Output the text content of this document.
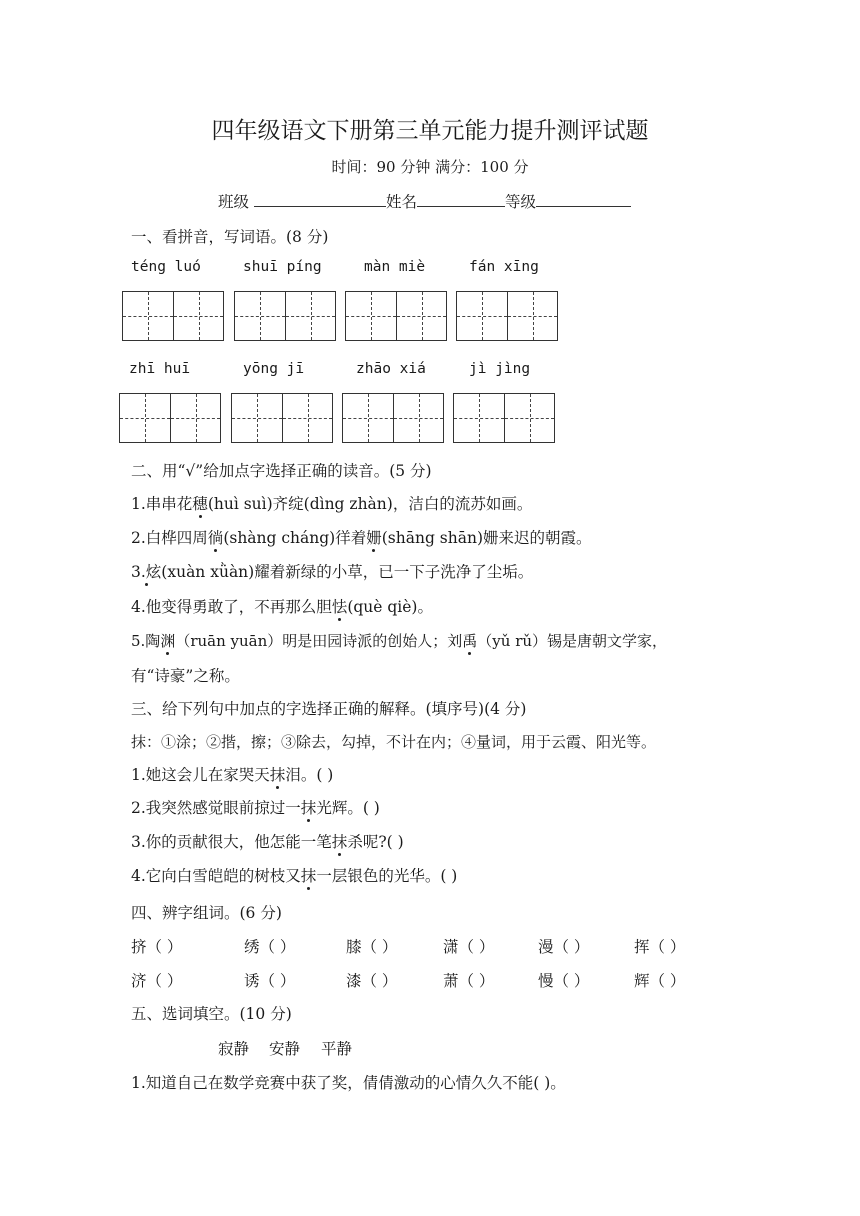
四年级语文下册第三单元能力提升测评试题
时间：90 分钟 满分：100 分
班级	姓名	等级
一、看拼音，写词语。(8 分)
téng luó	shuī píng	màn miè	fán xīng
zhī huī	yōng jī	zhāo xiá	jì jìng
二、用“√”给加点字选择正确的读音。(5 分)
1.串串花穗(huì suì)齐绽(dìng zhàn)，洁白的流苏如画。
2.白桦四周徜(shàng cháng)徉着姗(shāng shān)姗来迟的朝霞。
3.炫(xuàn xǜàn)耀着新绿的小草，已一下子洗净了尘垢。
4.他变得勇敢了，不再那么胆怯(què qiè)。
5.陶渊（ruān yuān）明是田园诗派的创始人；刘禹（yǔ rǔ）锡是唐朝文学家，
有“诗豪”之称。
三、给下列句中加点的字选择正确的解释。(填序号)(4 分)
抹：①涂；②揩，擦；③除去，勾掉，不计在内；④量词，用于云霞、阳光等。
1.她这会儿在家哭天抹泪。( )
2.我突然感觉眼前掠过一抹光辉。( )
3.你的贡献很大，他怎能一笔抹杀呢?( )
4.它向白雪皑皑的树枝又抹一层银色的光华。( )
四、辨字组词。(6 分)
挤（ ）	绣（ ）	膝（ ）	潇（ ）	漫（ ）	挥（ ）
济（ ）	诱（ ）	漆（ ）	萧（ ）	慢（ ）	辉（ ）
五、选词填空。(10 分)
寂静 安静 平静
1.知道自己在数学竞赛中获了奖，倩倩激动的心情久久不能( )。
